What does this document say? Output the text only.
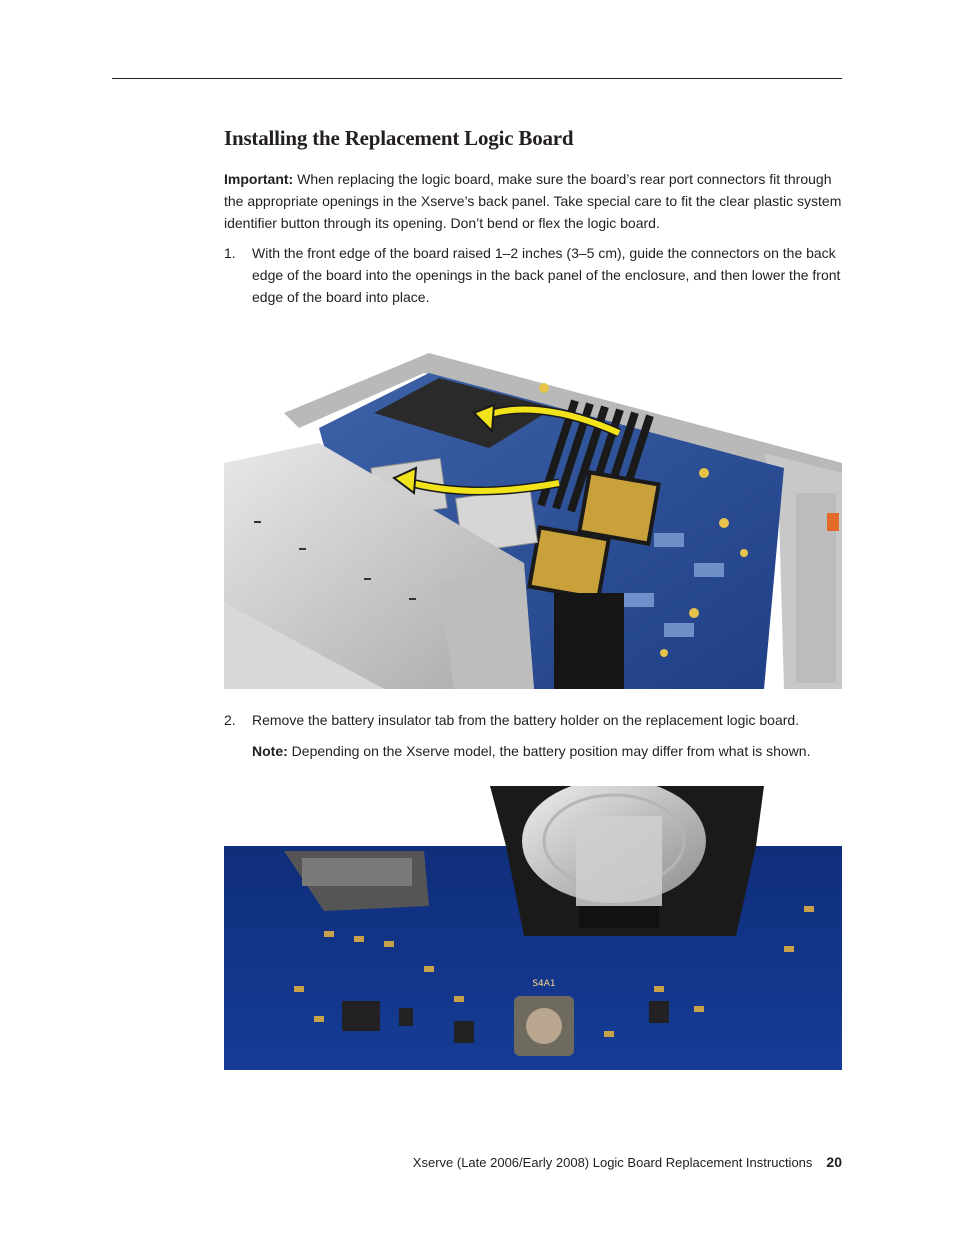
Installing the Replacement Logic Board

Important: When replacing the logic board, make sure the board’s rear port connectors fit through the appropriate openings in the Xserve’s back panel. Take special care to fit the clear plastic system identifier button through its opening. Don’t bend or flex the logic board.

1. With the front edge of the board raised 1–2 inches (3–5 cm), guide the connectors on the back edge of the board into the openings in the back panel of the enclosure, and then lower the front edge of the board into place.
2. Remove the battery insulator tab from the battery holder on the replacement logic board.

Note: Depending on the Xserve model, the battery position may differ from what is shown.

S4A1
Xserve (Late 2006/Early 2008) Logic Board Replacement Instructions 20
